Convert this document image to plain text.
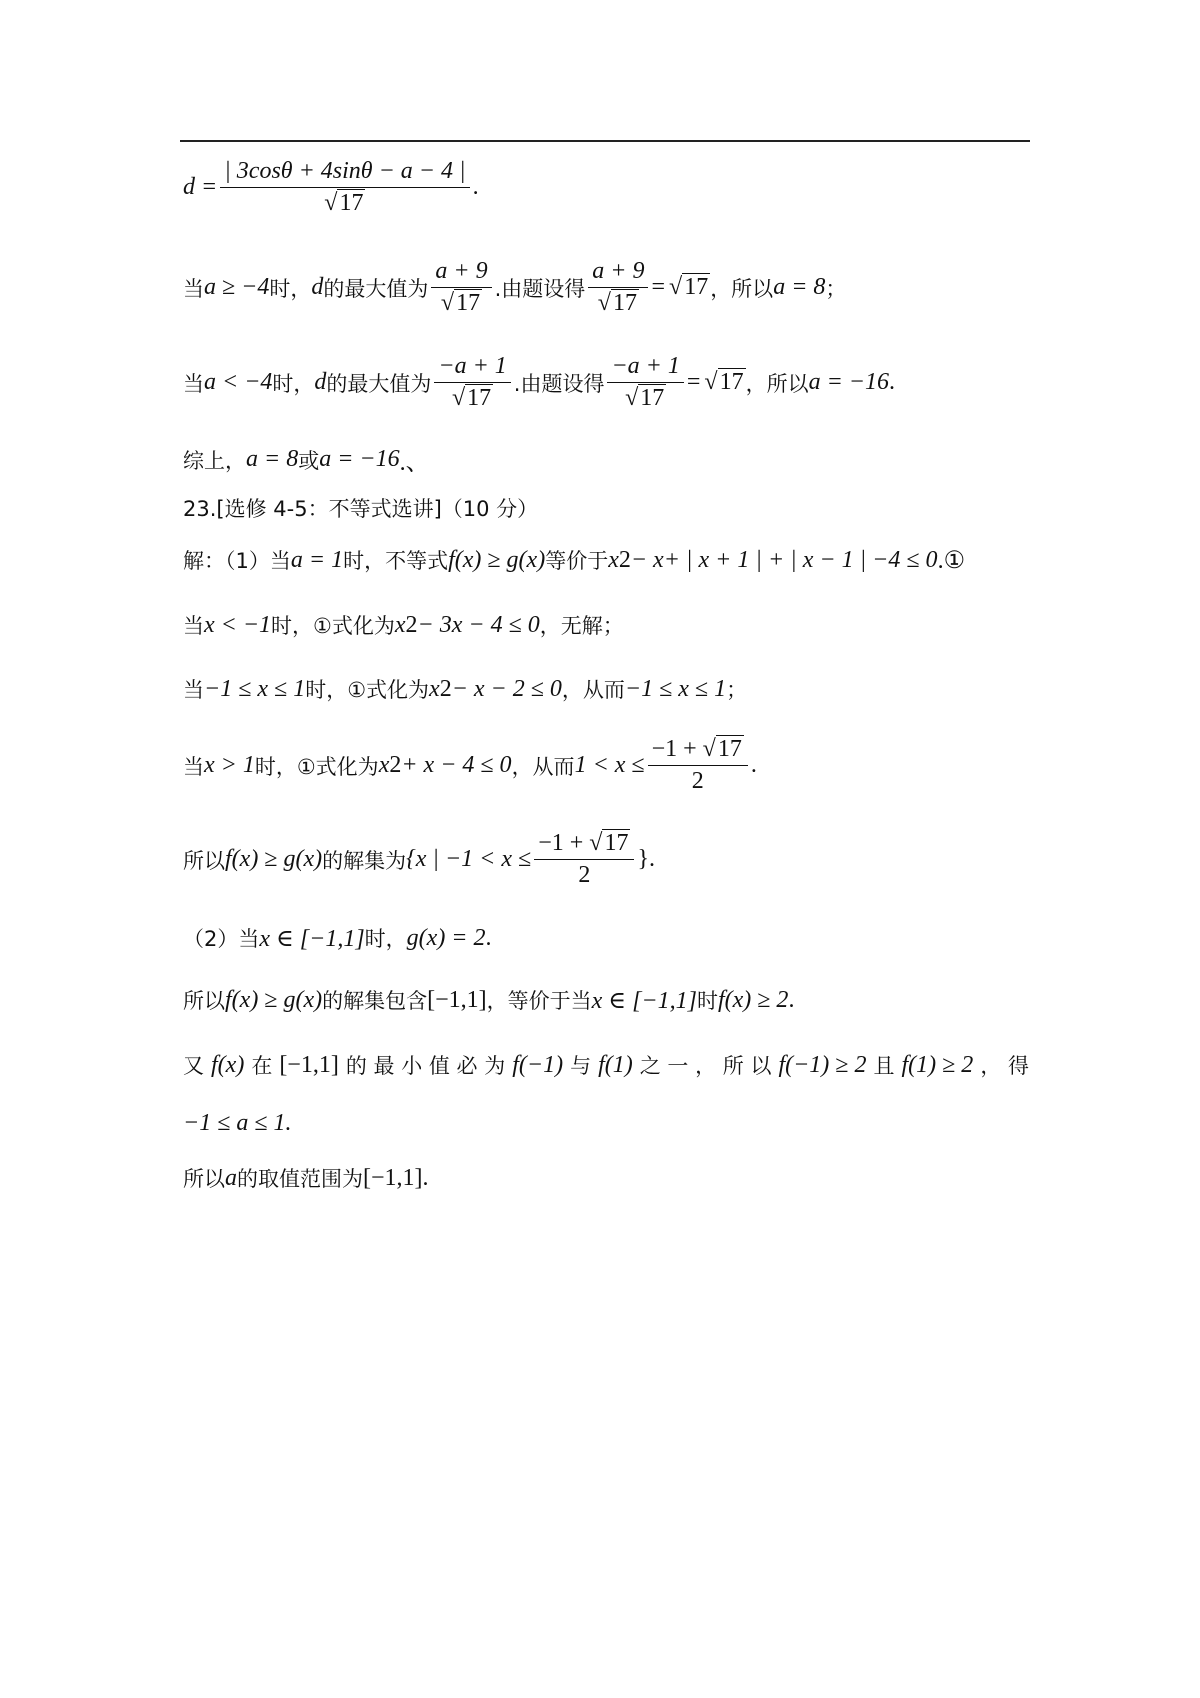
$d = \frac{| 3\cos\theta + 4\sin\theta - a - 4 |}{√17}$ .
当 a ≥ −4 时， d 的最大值为 $\frac{a + 9}{√17}$ .由题设得 $\frac{a + 9}{√17} = √17$ ，所以 a = 8 ；
当 a < −4 时， d 的最大值为 $\frac{-a + 1}{√17}$ .由题设得 $\frac{-a + 1}{√17} = √17$ ，所以 a = −16 .
综上， a = 8 或 a = −16 .、
23.[选修 4-5：不等式选讲]（10 分）
解：（1）当 a = 1 时，不等式 f(x) ≥ g(x) 等价于 x 2 − x+ | x + 1 | + | x − 1 | −4 ≤ 0 .①
当 x < −1 时，①式化为 x 2 − 3x − 4 ≤ 0 ，无解；
当 −1 ≤ x ≤ 1 时，①式化为 x 2 − x − 2 ≤ 0 ，从而 −1 ≤ x ≤ 1 ；
当 x > 1 时，①式化为 x 2 + x − 4 ≤ 0 ，从而 $1 < x \le \frac{-1 + √17}{2}$ .
所以 f(x) ≥ g(x) 的解集为 {x | $-1 < x \le \frac{-1 + √17}{2}$ } .
（2）当 x ∈ [−1,1] 时， g(x) = 2 .
所以 f(x) ≥ g(x) 的解集包含 [−1,1] ，等价于当 x ∈ [−1,1] 时 f(x) ≥ 2 .
又 f(x) 在 [−1,1] 的 最 小 值 必 为 f(−1) 与 f(1) 之 一 ， 所 以 f(−1) ≥ 2 且 f(1) ≥ 2 ， 得
−1 ≤ a ≤ 1.
所以 a 的取值范围为 [−1,1] .
